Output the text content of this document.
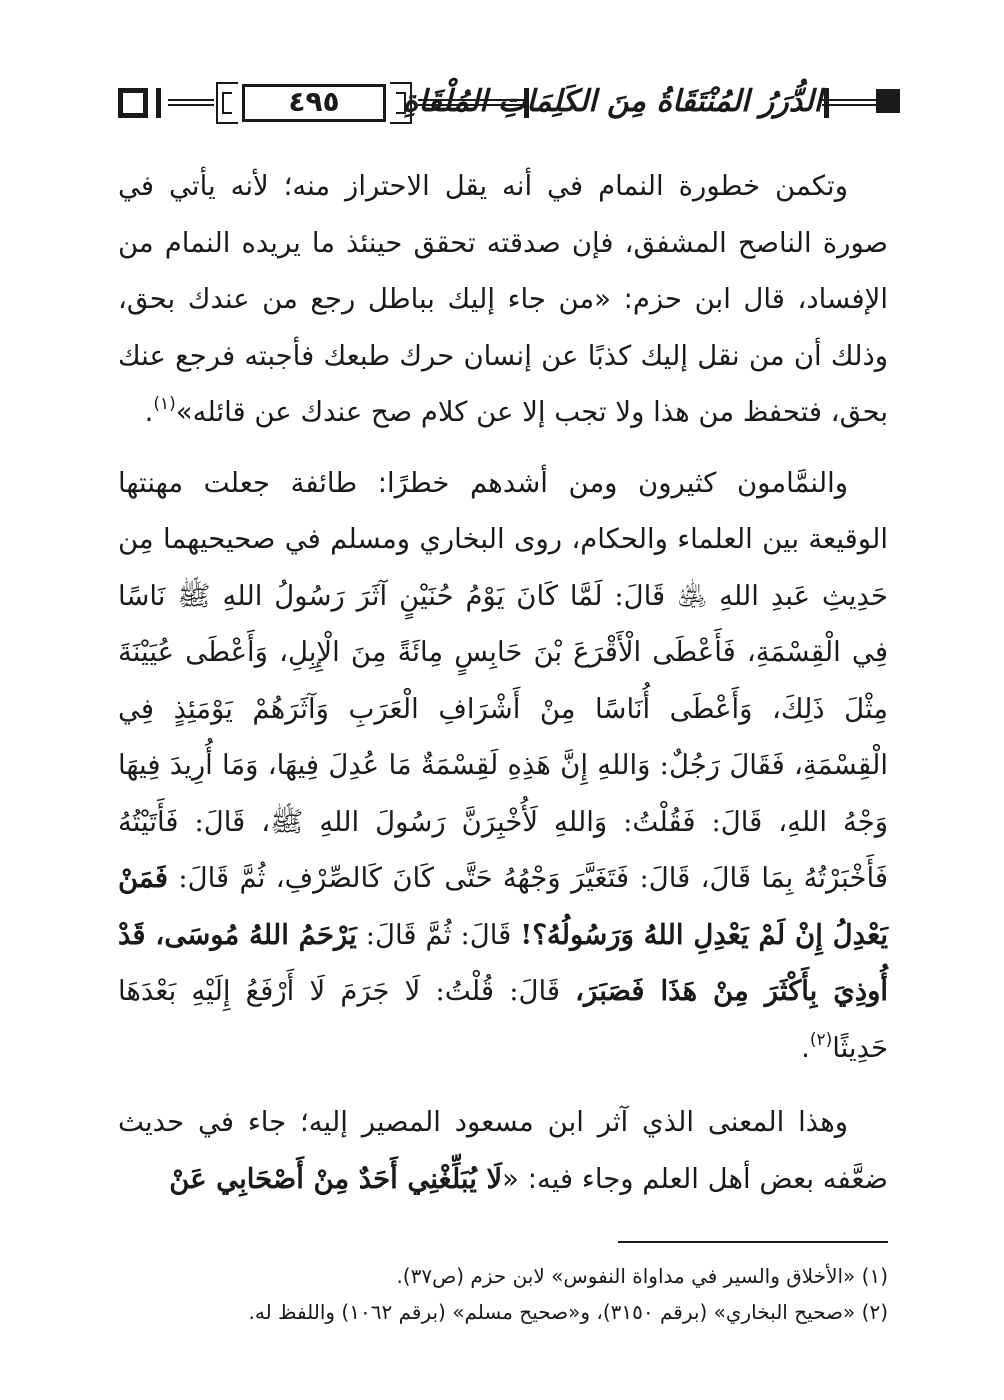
٤٩٥	الدُّرَرُ المُنْتَقَاةُ مِنَ الكَلِمَاتِ المُلْقَاةِ

وتكمن خطورة النمام في أنه يقل الاحتراز منه؛ لأنه يأتي في صورة الناصح المشفق، فإن صدقته تحقق حينئذ ما يريده النمام من الإفساد، قال ابن حزم: «من جاء إليك بباطل رجع من عندك بحق، وذلك أن من نقل إليك كذبًا عن إنسان حرك طبعك فأجبته فرجع عنك بحق، فتحفظ من هذا ولا تجب إلا عن كلام صح عندك عن قائله»$^{(١)}$.

والنمَّامون كثيرون ومن أشدهم خطرًا: طائفة جعلت مهنتها الوقيعة بين العلماء والحكام، روى البخاري ومسلم في صحيحيهما مِن حَدِيثِ عَبدِ اللهِ ﵁ قَالَ: لَمَّا كَانَ يَوْمُ حُنَيْنٍ آثَرَ رَسُولُ اللهِ ﷺ نَاسًا فِي الْقِسْمَةِ، فَأَعْطَى الْأَقْرَعَ بْنَ حَابِسٍ مِائَةً مِنَ الْإِبِلِ، وَأَعْطَى عُيَيْنَةَ مِثْلَ ذَلِكَ، وَأَعْطَى أُنَاسًا مِنْ أَشْرَافِ الْعَرَبِ وَآثَرَهُمْ يَوْمَئِذٍ فِي الْقِسْمَةِ، فَقَالَ رَجُلٌ: وَاللهِ إِنَّ هَذِهِ لَقِسْمَةٌ مَا عُدِلَ فِيهَا، وَمَا أُرِيدَ فِيهَا وَجْهُ اللهِ، قَالَ: فَقُلْتُ: وَاللهِ لَأُخْبِرَنَّ رَسُولَ اللهِ ﷺ، قَالَ: فَأَتَيْتُهُ فَأَخْبَرْتُهُ بِمَا قَالَ، قَالَ: فَتَغَيَّرَ وَجْهُهُ حَتَّى كَانَ كَالصِّرْفِ، ثُمَّ قَالَ: فَمَنْ يَعْدِلُ إِنْ لَمْ يَعْدِلِ اللهُ وَرَسُولُهُ؟! قَالَ: ثُمَّ قَالَ: يَرْحَمُ اللهُ مُوسَى، قَدْ أُوذِيَ بِأَكْثَرَ مِنْ هَذَا فَصَبَرَ، قَالَ: قُلْتُ: لَا جَرَمَ لَا أَرْفَعُ إِلَيْهِ بَعْدَهَا حَدِيثًا$^{(٢)}$.

وهذا المعنى الذي آثر ابن مسعود المصير إليه؛ جاء في حديث ضعَّفه بعض أهل العلم وجاء فيه: «لَا يُبَلِّغْنِي أَحَدٌ مِنْ أَصْحَابِي عَنْ

(١) «الأخلاق والسير في مداواة النفوس» لابن حزم (ص٣٧).
(٢) «صحيح البخاري» (برقم ٣١٥٠)، و«صحيح مسلم» (برقم ١٠٦٢) واللفظ له.
